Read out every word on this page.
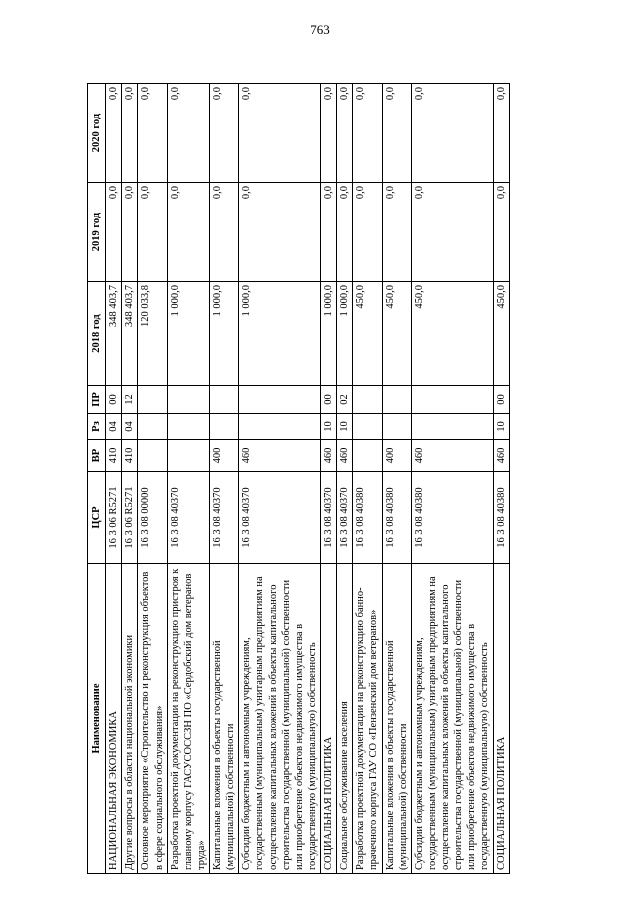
763
Наименование	ЦСР	ВР	Рз	ПР	2018 год	2019 год	2020 год
НАЦИОНАЛЬНАЯ ЭКОНОМИКА	16 3 06 R5271	410	04	00	348 403,7	0,0	0,0
Другие вопросы в области национальной экономики	16 3 06 R5271	410	04	12	348 403,7	0,0	0,0
Основное мероприятие «Строительство и реконструкция объектов в сфере социального обслуживания»	16 3 08 00000				120 033,8	0,0	0,0
Разработка проектной документации на реконструкцию пристроя к главному корпусу ГАСУСОССЗН ПО «Сердобский дом ветеранов труда»	16 3 08 40370				1 000,0	0,0	0,0
Капитальные вложения в объекты государственной (муниципальной) собственности	16 3 08 40370	400			1 000,0	0,0	0,0
Субсидии бюджетным и автономным учреждениям, государственным (муниципальным) унитарным предприятиям на осуществление капитальных вложений в объекты капитального строительства государственной (муниципальной) собственности или приобретение объектов недвижимого имущества в государственную (муниципальную) собственность	16 3 08 40370	460			1 000,0	0,0	0,0
СОЦИАЛЬНАЯ ПОЛИТИКА	16 3 08 40370	460	10	00	1 000,0	0,0	0,0
Социальное обслуживание населения	16 3 08 40370	460	10	02	1 000,0	0,0	0,0
Разработка проектной документации на реконструкцию банно-прачечного корпуса ГАУ СО «Пензенский дом ветеранов»	16 3 08 40380				450,0	0,0	0,0
Капитальные вложения в объекты государственной (муниципальной) собственности	16 3 08 40380	400			450,0	0,0	0,0
Субсидии бюджетным и автономным учреждениям, государственным (муниципальным) унитарным предприятиям на осуществление капитальных вложений в объекты капитального строительства государственной (муниципальной) собственности или приобретение объектов недвижимого имущества в государственную (муниципальную) собственность	16 3 08 40380	460			450,0	0,0	0,0
СОЦИАЛЬНАЯ ПОЛИТИКА	16 3 08 40380	460	10	00	450,0	0,0	0,0
